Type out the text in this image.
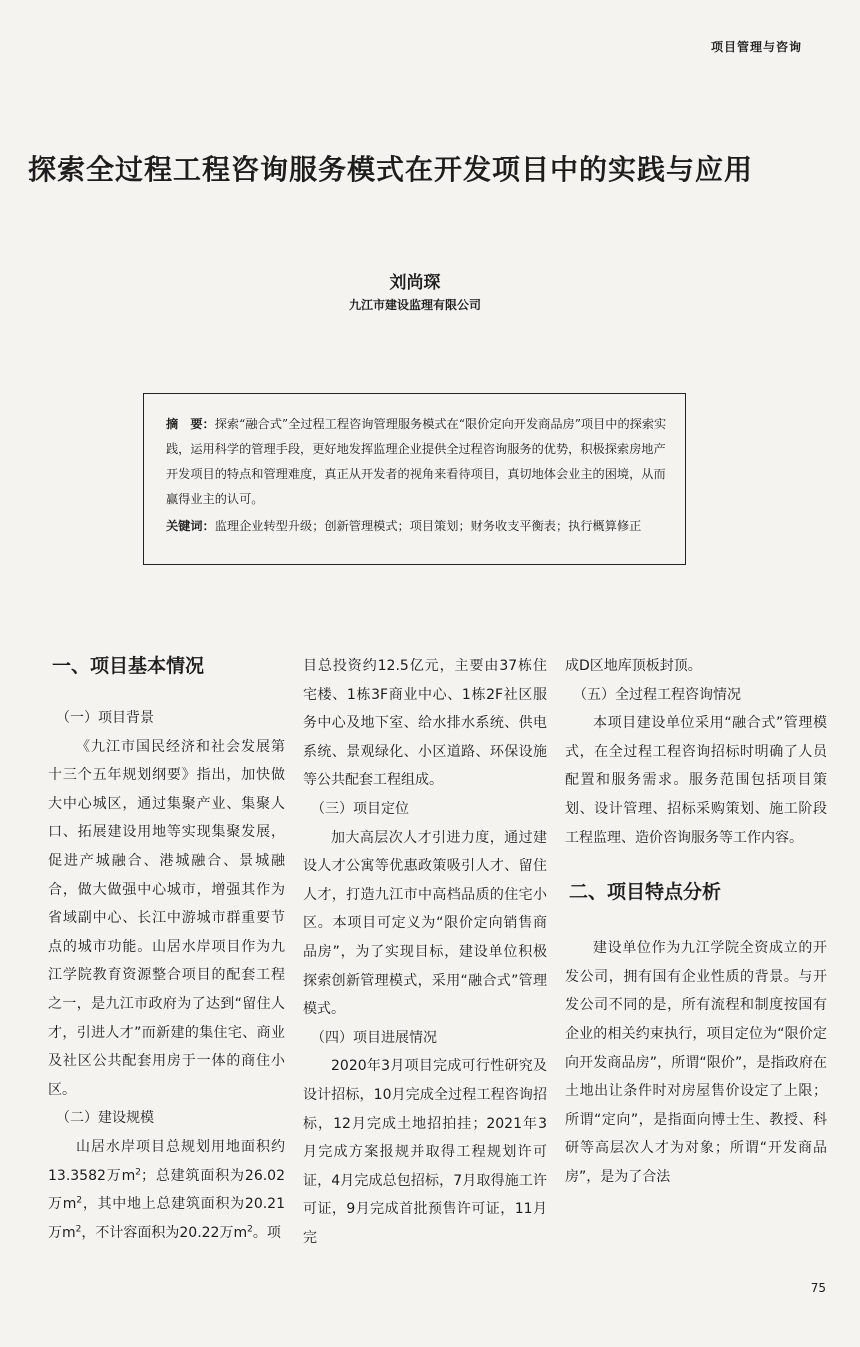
项目管理与咨询
探索全过程工程咨询服务模式在开发项目中的实践与应用
刘尚琛
九江市建设监理有限公司

摘　要：探索“融合式”全过程工程咨询管理服务模式在“限价定向开发商品房”项目中的探索实践，运用科学的管理手段，更好地发挥监理企业提供全过程咨询服务的优势，积极探索房地产开发项目的特点和管理难度，真正从开发者的视角来看待项目，真切地体会业主的困境，从而赢得业主的认可。

关键词：监理企业转型升级；创新管理模式；项目策划；财务收支平衡表；执行概算修正

一、项目基本情况

（一）项目背景

《九江市国民经济和社会发展第十三个五年规划纲要》指出，加快做大中心城区，通过集聚产业、集聚人口、拓展建设用地等实现集聚发展，促进产城融合、港城融合、景城融合，做大做强中心城市，增强其作为省域副中心、长江中游城市群重要节点的城市功能。山居水岸项目作为九江学院教育资源整合项目的配套工程之一，是九江市政府为了达到“留住人才，引进人才”而新建的集住宅、商业及社区公共配套用房于一体的商住小区。

（二）建设规模

山居水岸项目总规划用地面积约13.3582万$m^2$；总建筑面积为26.02万$m^2$，其中地上总建筑面积为20.21万$m^2$，不计容面积为20.22万$m^2$。项

目总投资约12.5亿元，主要由37栋住宅楼、1栋3F商业中心、1栋2F社区服务中心及地下室、给水排水系统、供电系统、景观绿化、小区道路、环保设施等公共配套工程组成。

（三）项目定位

加大高层次人才引进力度，通过建设人才公寓等优惠政策吸引人才、留住人才，打造九江市中高档品质的住宅小区。本项目可定义为“限价定向销售商品房”，为了实现目标，建设单位积极探索创新管理模式，采用“融合式”管理模式。

（四）项目进展情况

2020年3月项目完成可行性研究及设计招标，10月完成全过程工程咨询招标，12月完成土地招拍挂；2021年3月完成方案报规并取得工程规划许可证，4月完成总包招标，7月取得施工许可证，9月完成首批预售许可证，11月完

成D区地库顶板封顶。

（五）全过程工程咨询情况

本项目建设单位采用“融合式”管理模式，在全过程工程咨询招标时明确了人员配置和服务需求。服务范围包括项目策划、设计管理、招标采购策划、施工阶段工程监理、造价咨询服务等工作内容。

二、项目特点分析

建设单位作为九江学院全资成立的开发公司，拥有国有企业性质的背景。与开发公司不同的是，所有流程和制度按国有企业的相关约束执行，项目定位为“限价定向开发商品房”，所谓“限价”，是指政府在土地出让条件时对房屋售价设定了上限；所谓“定向”，是指面向博士生、教授、科研等高层次人才为对象；所谓“开发商品房”，是为了合法

75
